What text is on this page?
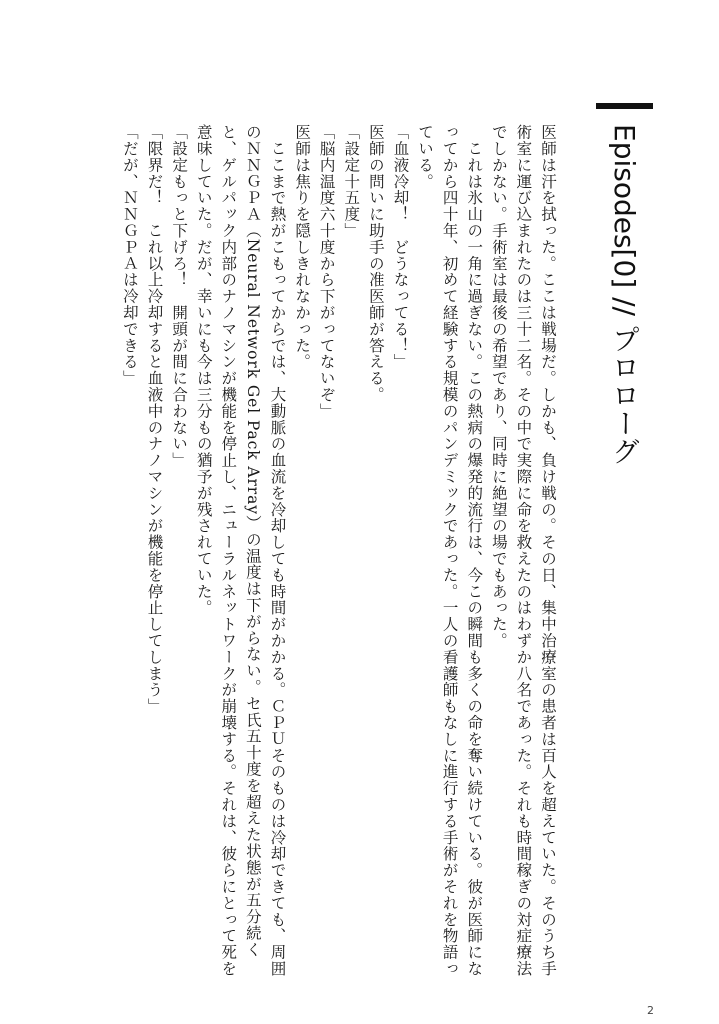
Episodes[0] // プロローグ

医師は汗を拭った。ここは戦場だ。しかも、負け戦の。その日、集中治療室の患者は百人を超えていた。そのうち手術室に運び込まれたのは三十二名。その中で実際に命を救えたのはわずか八名であった。それも時間稼ぎの対症療法でしかない。手術室は最後の希望であり、同時に絶望の場でもあった。

　これは氷山の一角に過ぎない。この熱病の爆発的流行は、今この瞬間も多くの命を奪い続けている。彼が医師になってから四十年、初めて経験する規模のパンデミックであった。一人の看護師もなしに進行する手術がそれを物語っている。

「血液冷却！　どうなってる！」

医師の問いに助手の准医師が答える。

「設定十五度」

「脳内温度六十度から下がってないぞ」

医師は焦りを隠しきれなかった。

　ここまで熱がこもってからでは、大動脈の血流を冷却しても時間がかかる。ＣＰＵそのものは冷却できても、周囲のＮＮＧＰＡ（Neural Network Gel Pack Array）の温度は下がらない。セ氏五十度を超えた状態が五分続くと、ゲルパック内部のナノマシンが機能を停止し、ニューラルネットワークが崩壊する。それは、彼らにとって死を意味していた。だが、幸いにも今は三分もの猶予が残されていた。

「設定もっと下げろ！　開頭が間に合わない」

「限界だ！　これ以上冷却すると血液中のナノマシンが機能を停止してしまう」

「だが、ＮＮＧＰＡは冷却できる」

2
